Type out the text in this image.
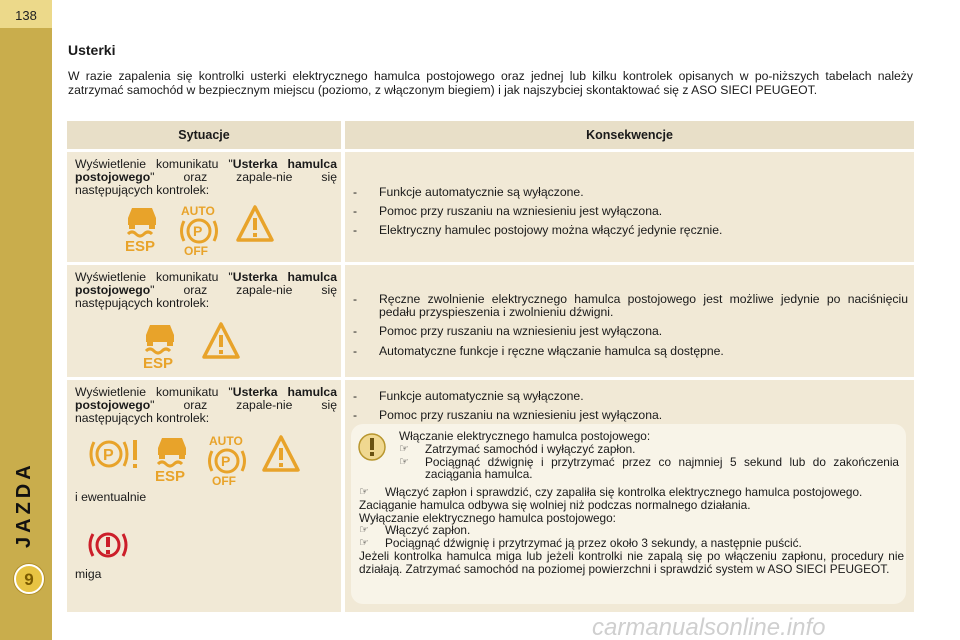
138
JAZDA
9
Usterki
W razie zapalenia się kontrolki usterki elektrycznego hamulca postojowego oraz jednej lub kilku kontrolek opisanych w po-niższych tabelach należy zatrzymać samochód w bezpiecznym miejscu (poziomo, z włączonym biegiem) i jak najszybciej skontaktować się z ASO SIECI PEUGEOT.
Sytuacje	Konsekwencje
Wyświetlenie komunikatu "Usterka hamulca postojowego" oraz zapale-nie się następujących kontrolek:
ESP
AUTO
P
OFF
- Funkcje automatycznie są wyłączone.
- Pomoc przy ruszaniu na wzniesieniu jest wyłączona.
- Elektryczny hamulec postojowy można włączyć jedynie ręcznie.
Wyświetlenie komunikatu "Usterka hamulca postojowego" oraz zapale-nie się następujących kontrolek:
ESP
- Ręczne zwolnienie elektrycznego hamulca postojowego jest możliwe jedynie po naciśnięciu pedału przyspieszenia i zwolnieniu dźwigni.
- Pomoc przy ruszaniu na wzniesieniu jest wyłączona.
- Automatyczne funkcje i ręczne włączanie hamulca są dostępne.
Wyświetlenie komunikatu "Usterka hamulca postojowego" oraz zapale-nie się następujących kontrolek:
P
ESP
AUTO
P
OFF
i ewentualnie
miga
- Funkcje automatycznie są wyłączone.
- Pomoc przy ruszaniu na wzniesieniu jest wyłączona.

Włączanie elektrycznego hamulca postojowego:

☞ Zatrzymać samochód i wyłączyć zapłon.

☞ Pociągnąć dźwignię i przytrzymać przez co najmniej 5 sekund lub do zakończenia zaciągania hamulca.

☞ Włączyć zapłon i sprawdzić, czy zapaliła się kontrolka elektrycznego hamulca postojowego.

Zaciąganie hamulca odbywa się wolniej niż podczas normalnego działania.

Wyłączanie elektrycznego hamulca postojowego:

☞ Włączyć zapłon.

☞ Pociągnąć dźwignię i przytrzymać ją przez około 3 sekundy, a następnie puścić.

Jeżeli kontrolka hamulca miga lub jeżeli kontrolki nie zapalą się po włączeniu zapłonu, procedury nie działają. Zatrzymać samochód na poziomej powierzchni i sprawdzić system w ASO SIECI PEUGEOT.

carmanualsonline.info
